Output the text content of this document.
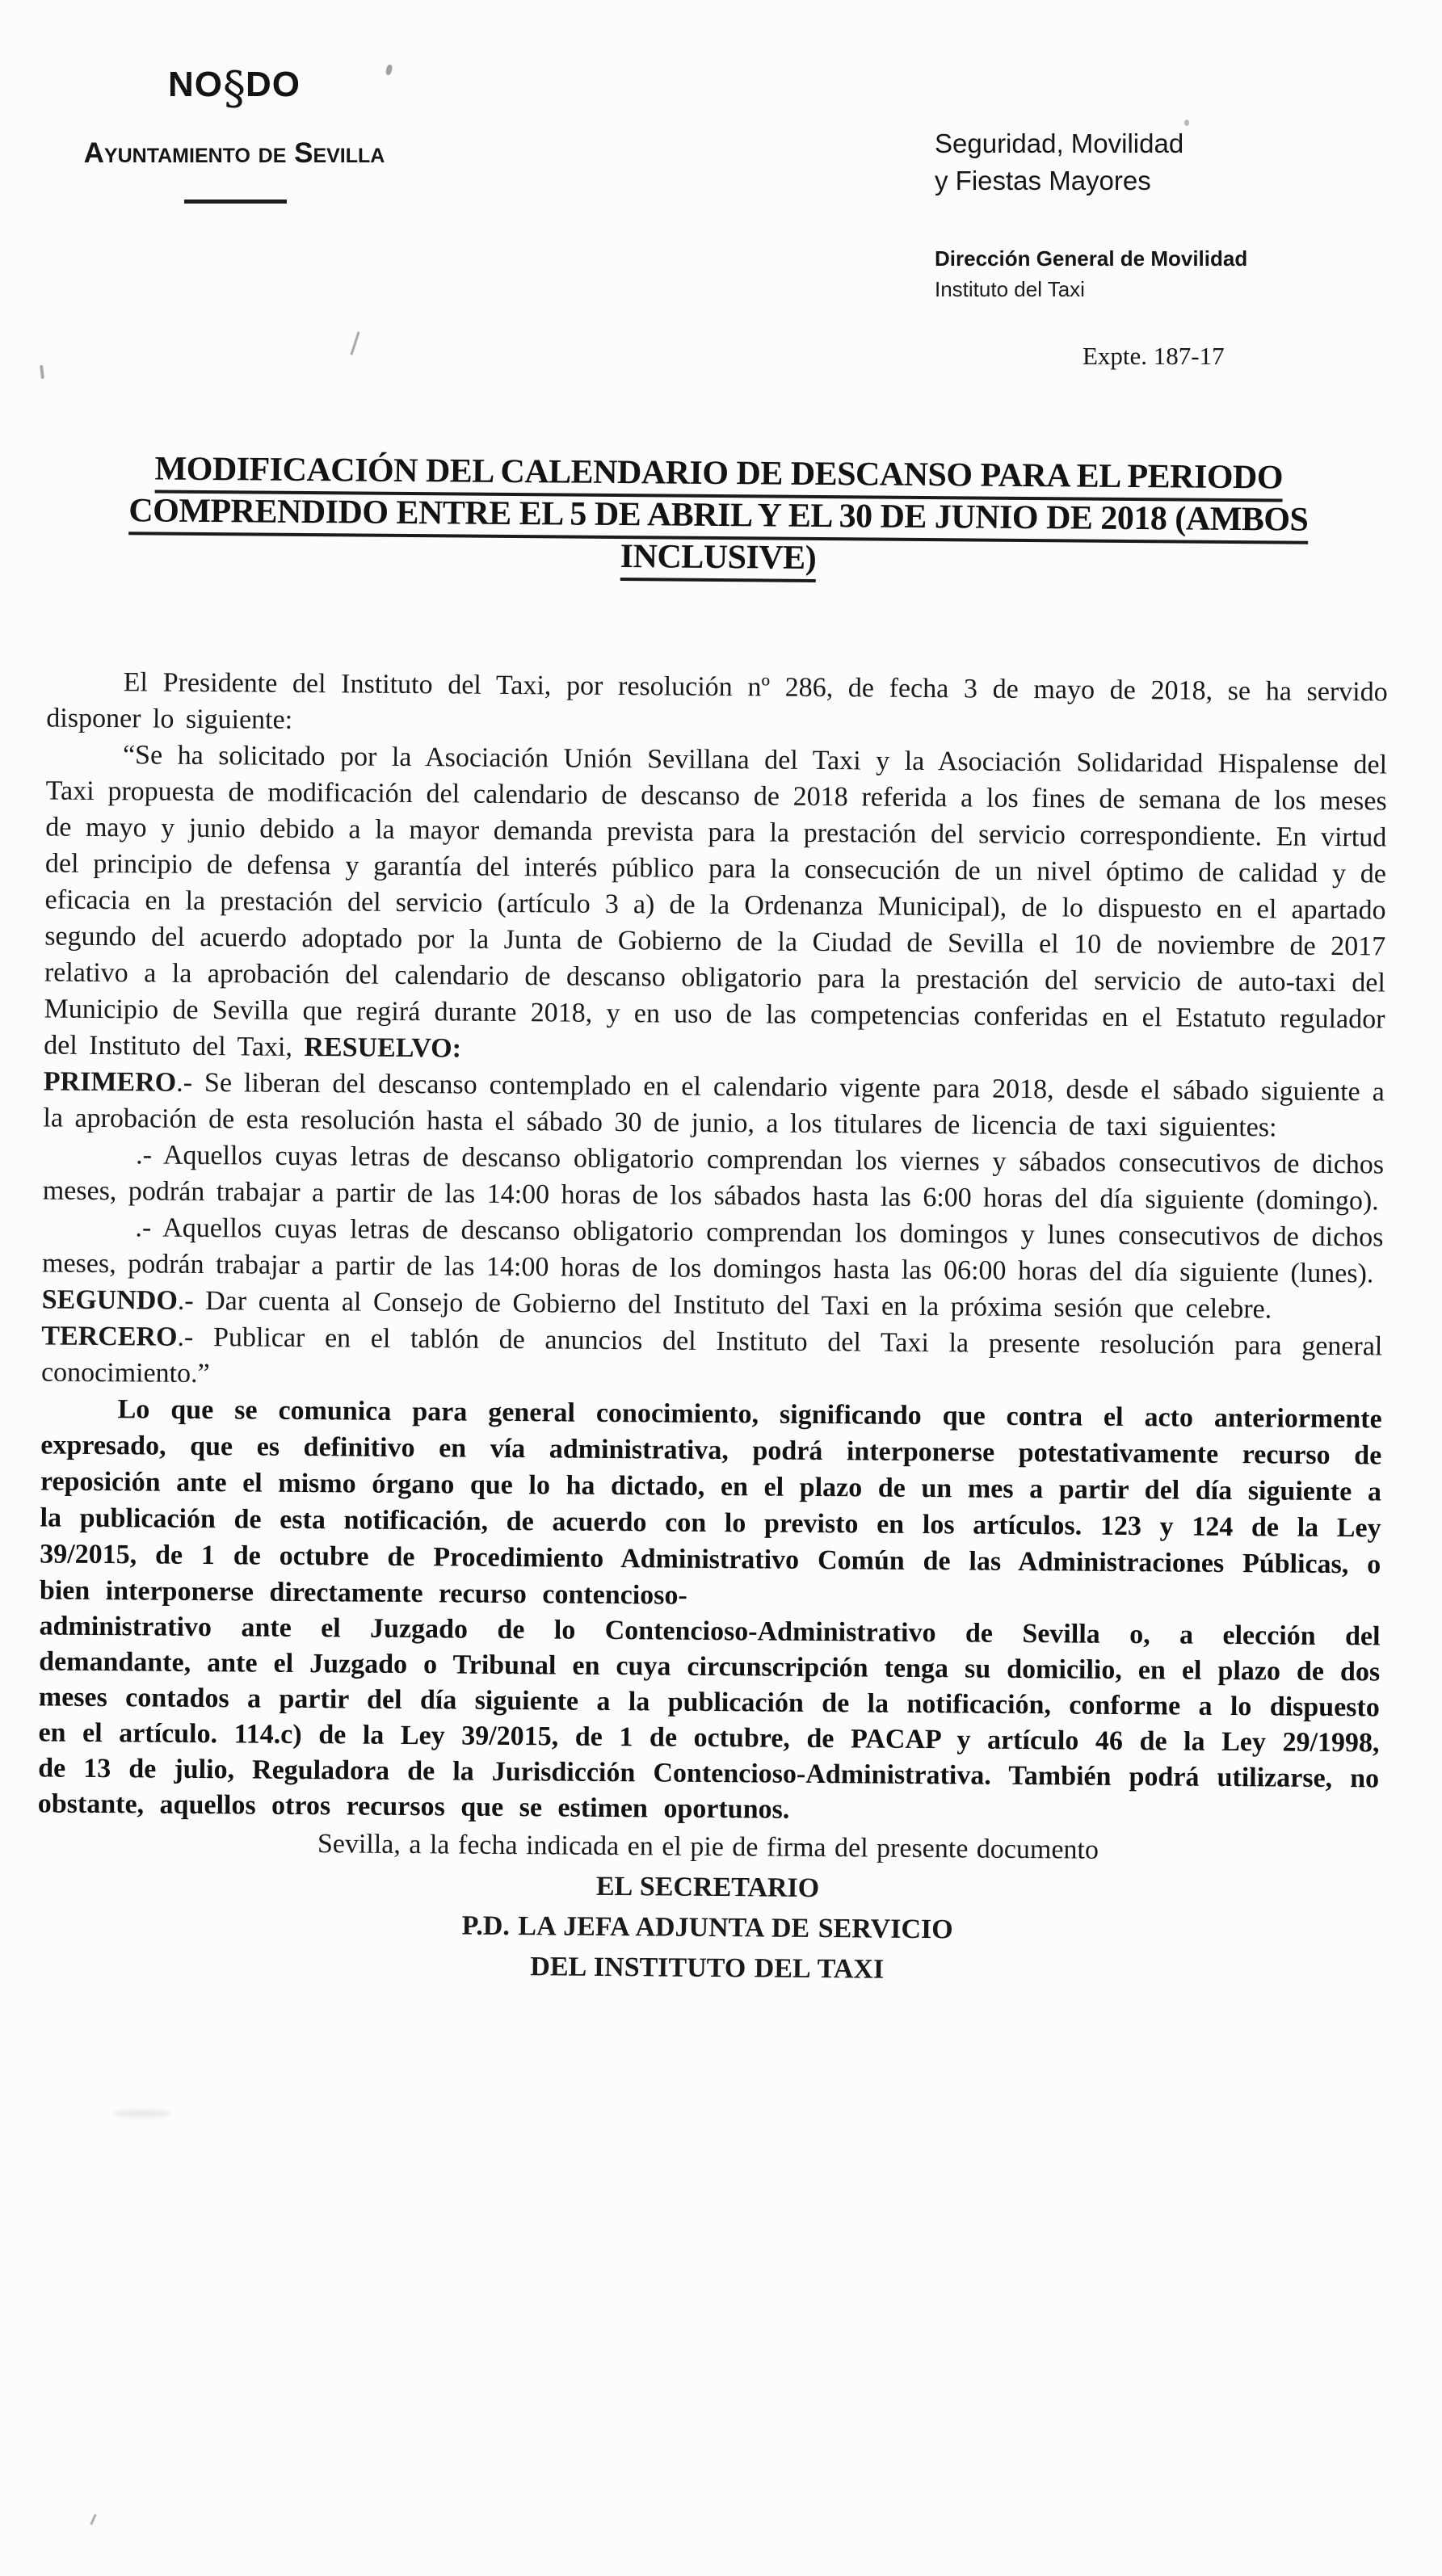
NO§DO
Ayuntamiento de Sevilla	Seguridad, Movilidad
y Fiestas Mayores
Dirección General de Movilidad
Instituto del Taxi
Expte. 187-17
MODIFICACIÓN DEL CALENDARIO DE DESCANSO PARA EL PERIODO
COMPRENDIDO ENTRE EL 5 DE ABRIL Y EL 30 DE JUNIO DE 2018 (AMBOS
INCLUSIVE)

El Presidente del Instituto del Taxi, por resolución nº 286, de fecha 3 de mayo de 2018, se ha servido disponer lo siguiente:

“Se ha solicitado por la Asociación Unión Sevillana del Taxi y la Asociación Solidaridad Hispalense del Taxi propuesta de modificación del calendario de descanso de 2018 referida a los fines de semana de los meses de mayo y junio debido a la mayor demanda prevista para la prestación del servicio correspondiente. En virtud del principio de defensa y garantía del interés público para la consecución de un nivel óptimo de calidad y de eficacia en la prestación del servicio (artículo 3 a) de la Ordenanza Municipal), de lo dispuesto en el apartado segundo del acuerdo adoptado por la Junta de Gobierno de la Ciudad de Sevilla el 10 de noviembre de 2017 relativo a la aprobación del calendario de descanso obligatorio para la prestación del servicio de auto-taxi del Municipio de Sevilla que regirá durante 2018, y en uso de las competencias conferidas en el Estatuto regulador del Instituto del Taxi, RESUELVO:

PRIMERO.- Se liberan del descanso contemplado en el calendario vigente para 2018, desde el sábado siguiente a la aprobación de esta resolución hasta el sábado 30 de junio, a los titulares de licencia de taxi siguientes:

.- Aquellos cuyas letras de descanso obligatorio comprendan los viernes y sábados consecutivos de dichos meses, podrán trabajar a partir de las 14:00 horas de los sábados hasta las 6:00 horas del día siguiente (domingo).

.- Aquellos cuyas letras de descanso obligatorio comprendan los domingos y lunes consecutivos de dichos meses, podrán trabajar a partir de las 14:00 horas de los domingos hasta las 06:00 horas del día siguiente (lunes).

SEGUNDO.- Dar cuenta al Consejo de Gobierno del Instituto del Taxi en la próxima sesión que celebre.

TERCERO.- Publicar en el tablón de anuncios del Instituto del Taxi la presente resolución para general conocimiento.”

Lo que se comunica para general conocimiento, significando que contra el acto anteriormente expresado, que es definitivo en vía administrativa, podrá interponerse potestativamente recurso de reposición ante el mismo órgano que lo ha dictado, en el plazo de un mes a partir del día siguiente a la publicación de esta notificación, de acuerdo con lo previsto en los artículos. 123 y 124 de la Ley 39/2015, de 1 de octubre de Procedimiento Administrativo Común de las Administraciones Públicas, o bien interponerse directamente recurso contencioso-

administrativo ante el Juzgado de lo Contencioso-Administrativo de Sevilla o, a elección del demandante, ante el Juzgado o Tribunal en cuya circunscripción tenga su domicilio, en el plazo de dos meses contados a partir del día siguiente a la publicación de la notificación, conforme a lo dispuesto en el artículo. 114.c) de la Ley 39/2015, de 1 de octubre, de PACAP y artículo 46 de la Ley 29/1998, de 13 de julio, Reguladora de la Jurisdicción Contencioso-Administrativa. También podrá utilizarse, no obstante, aquellos otros recursos que se estimen oportunos.

Sevilla, a la fecha indicada en el pie de firma del presente documento
EL SECRETARIO
P.D. LA JEFA ADJUNTA DE SERVICIO
DEL INSTITUTO DEL TAXI
